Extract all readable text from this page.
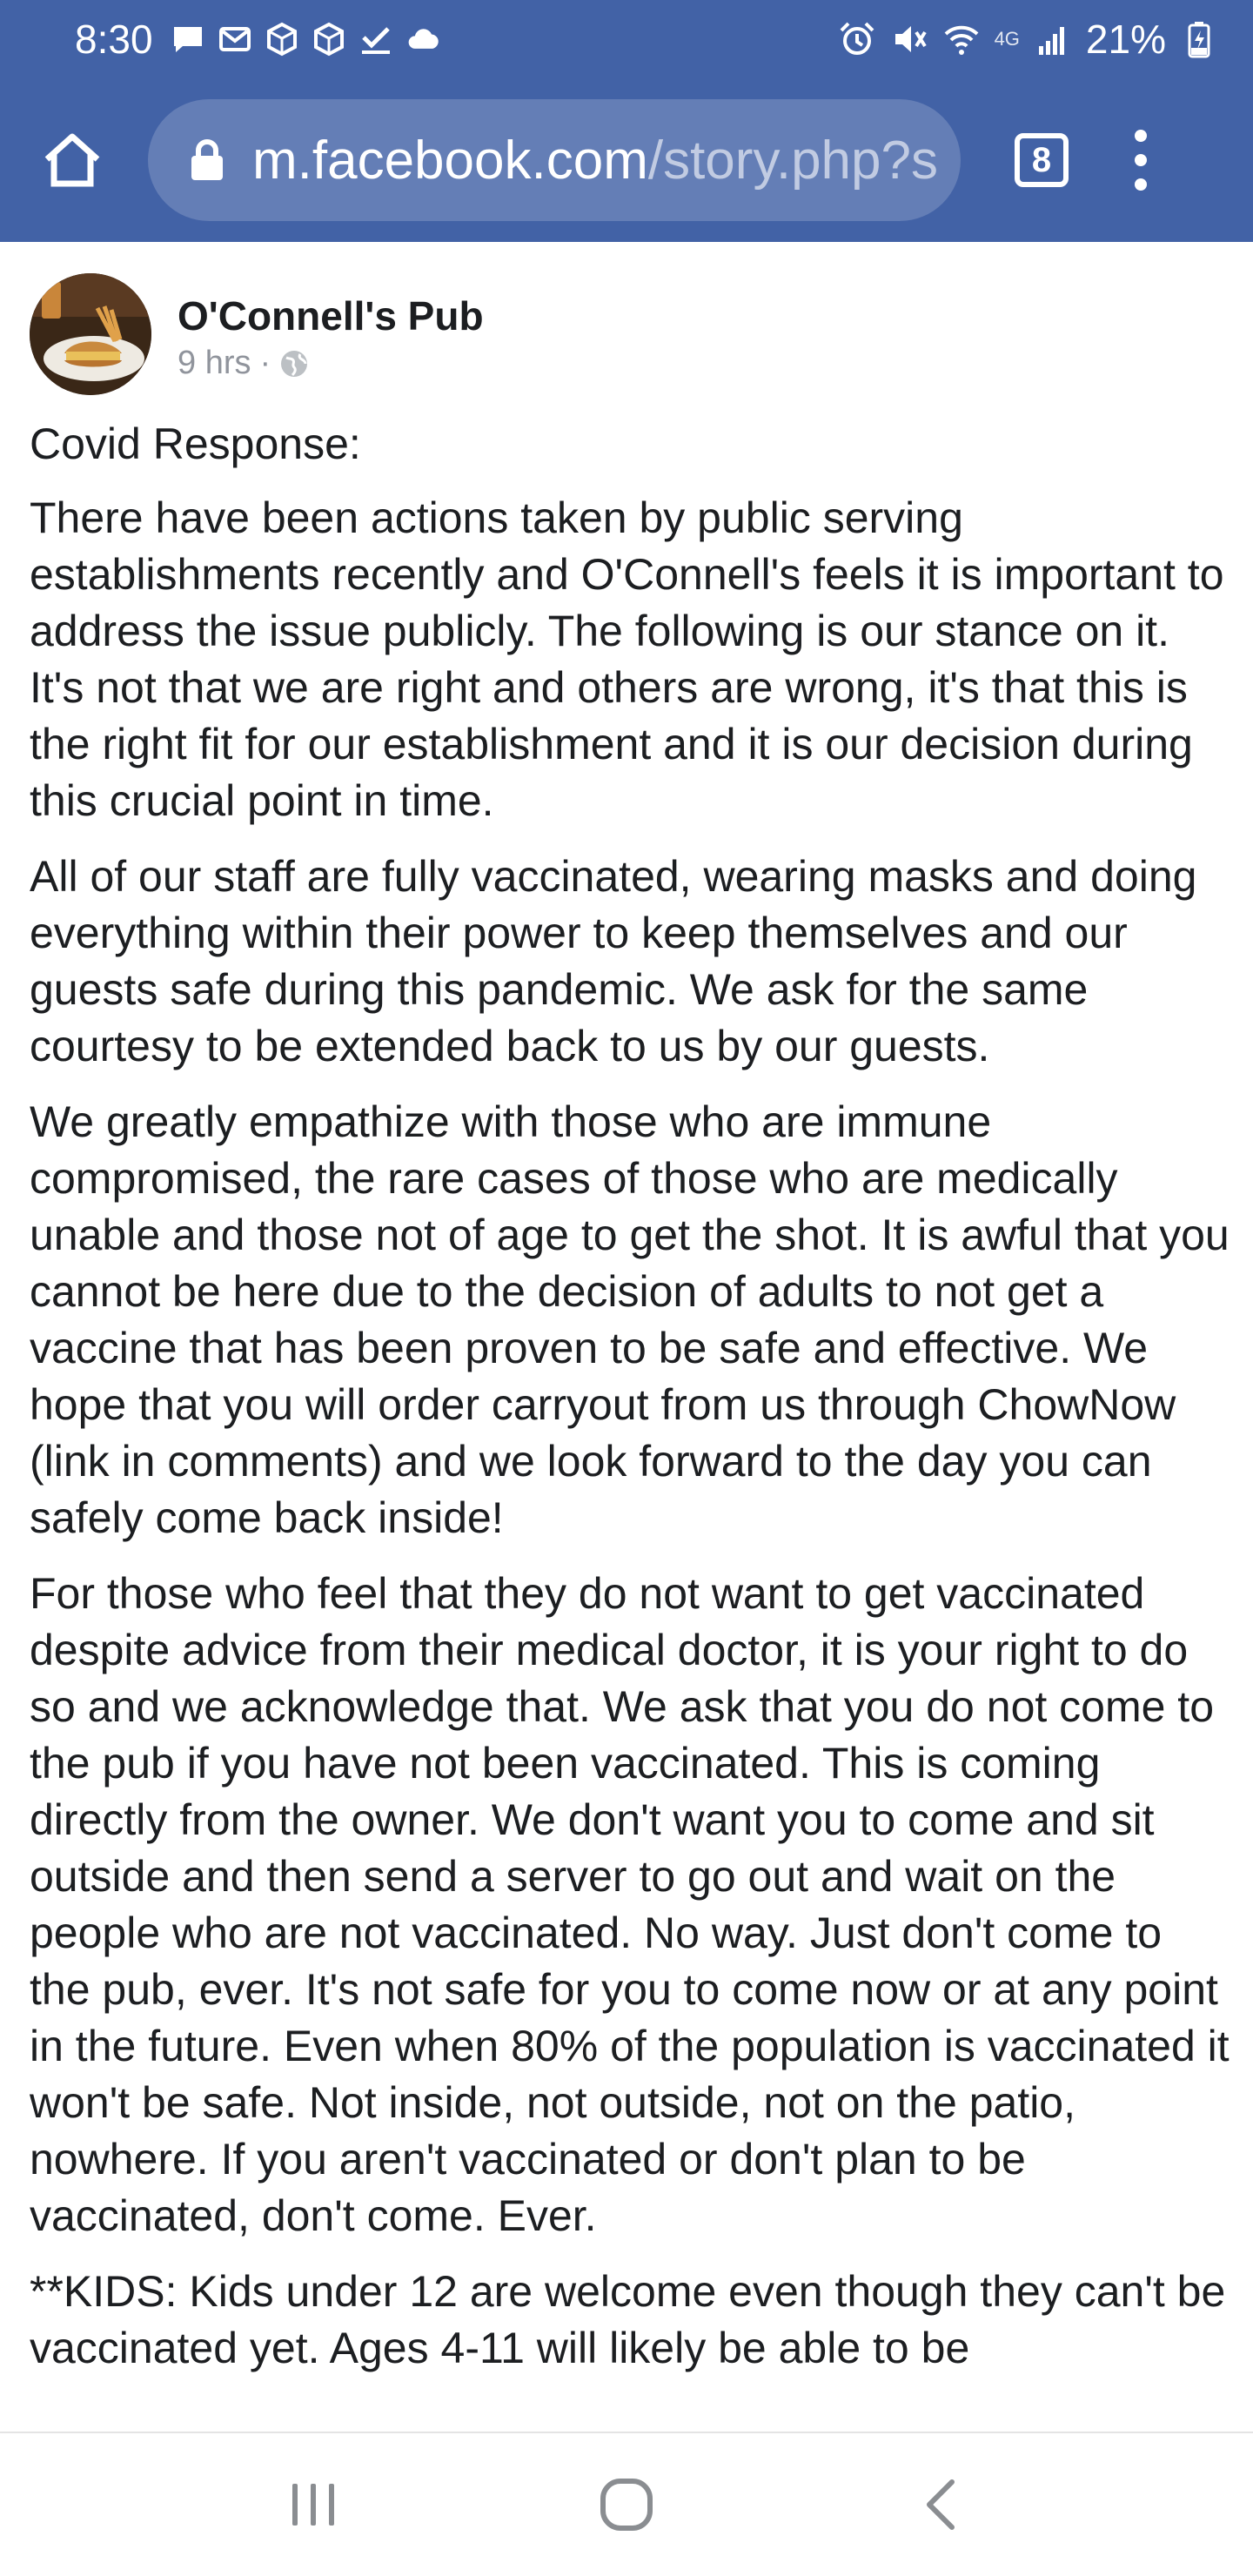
8:30	4G 21%
m.facebook.com /story.php?s	8
O'Connell's Pub
9 hrs ·

Covid Response:

There have been actions taken by public serving establishments recently and O'Connell's feels it is important to address the issue publicly. The following is our stance on it. It's not that we are right and others are wrong, it's that this is the right fit for our establishment and it is our decision during this crucial point in time.

All of our staff are fully vaccinated, wearing masks and doing everything within their power to keep themselves and our guests safe during this pandemic. We ask for the same courtesy to be extended back to us by our guests.

We greatly empathize with those who are immune compromised, the rare cases of those who are medically unable and those not of age to get the shot. It is awful that you cannot be here due to the decision of adults to not get a vaccine that has been proven to be safe and effective. We hope that you will order carryout from us through ChowNow (link in comments) and we look forward to the day you can safely come back inside!

For those who feel that they do not want to get vaccinated despite advice from their medical doctor, it is your right to do so and we acknowledge that. We ask that you do not come to the pub if you have not been vaccinated. This is coming directly from the owner. We don't want you to come and sit outside and then send a server to go out and wait on the people who are not vaccinated. No way. Just don't come to the pub, ever. It's not safe for you to come now or at any point in the future. Even when 80% of the population is vaccinated it won't be safe. Not inside, not outside, not on the patio, nowhere. If you aren't vaccinated or don't plan to be vaccinated, don't come. Ever.

**KIDS: Kids under 12 are welcome even though they can't be vaccinated yet. Ages 4-11 will likely be able to be
